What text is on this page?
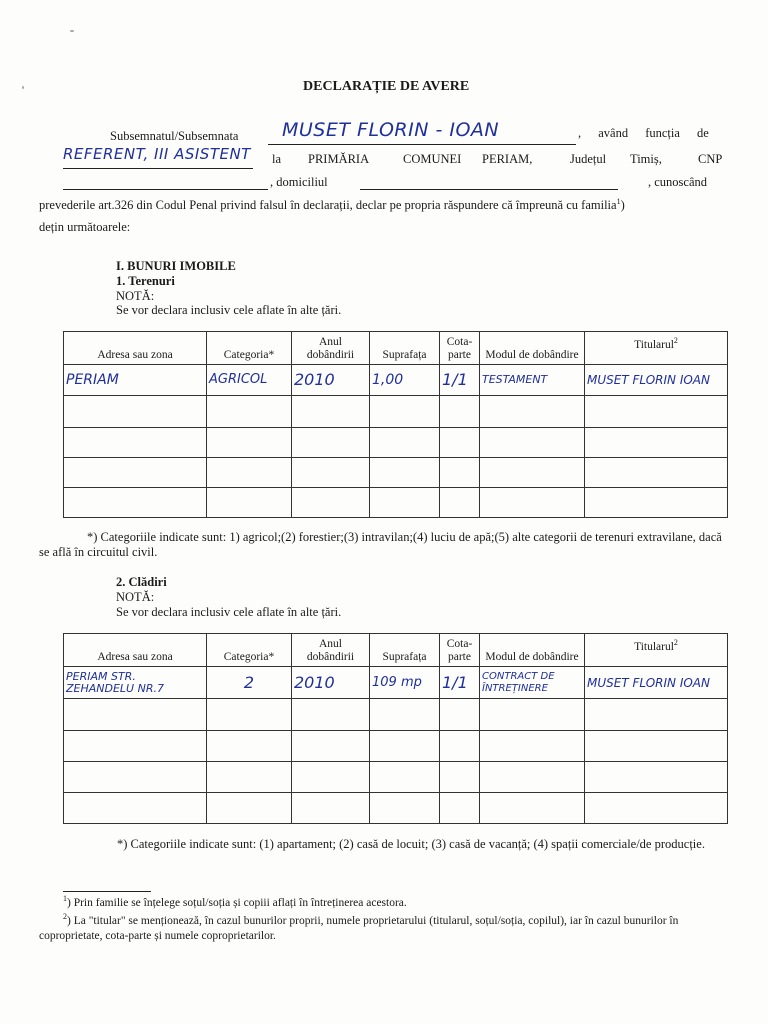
DECLARAȚIE DE AVERE
Subsemnatul/Subsemnata MUSET FLORIN - IOAN	, având funcția de
REFERENT, III ASISTENT la PRIMĂRIA	COMUNEI PERIAM,	Județul Timiș,	CNP
, domiciliul	, cunoscând
prevederile art.326 din Codul Penal privind falsul în declarații, declar pe propria răspundere că împreună cu familia$^1$)
dețin următoarele:
I. BUNURI IMOBILE
1. Terenuri
NOTĂ:
Se vor declara inclusiv cele aflate în alte țări.
Adresa sau zona	Categoria*	Anul dobândirii	Suprafața	Cota-parte	Modul de dobândire	Titularul$^2$
PERIAM	AGRICOL	2010	1,00	1/1	TESTAMENT	MUSET FLORIN IOAN

*) Categoriile indicate sunt: 1) agricol;(2) forestier;(3) intravilan;(4) luciu de apă;(5) alte categorii de terenuri extravilane, dacă se află în circuitul civil.
2. Clădiri
NOTĂ:
Se vor declara inclusiv cele aflate în alte țări.
Adresa sau zona	Categoria*	Anul dobândirii	Suprafața	Cota-parte	Modul de dobândire	Titularul$^2$
PERIAM STR. ZEHANDELU NR.7	2	2010	109 mp	1/1	CONTRACT DE ÎNTREȚINERE	MUSET FLORIN IOAN

*) Categoriile indicate sunt: (1) apartament; (2) casă de locuit; (3) casă de vacanță; (4) spații comerciale/de producție.
$^1$) Prin familie se înțelege soțul/soția și copiii aflați în întreținerea acestora.
$^2$) La "titular" se menționează, în cazul bunurilor proprii, numele proprietarului (titularul, soțul/soția, copilul), iar în cazul bunurilor în coproprietate, cota-parte și numele coproprietarilor.
